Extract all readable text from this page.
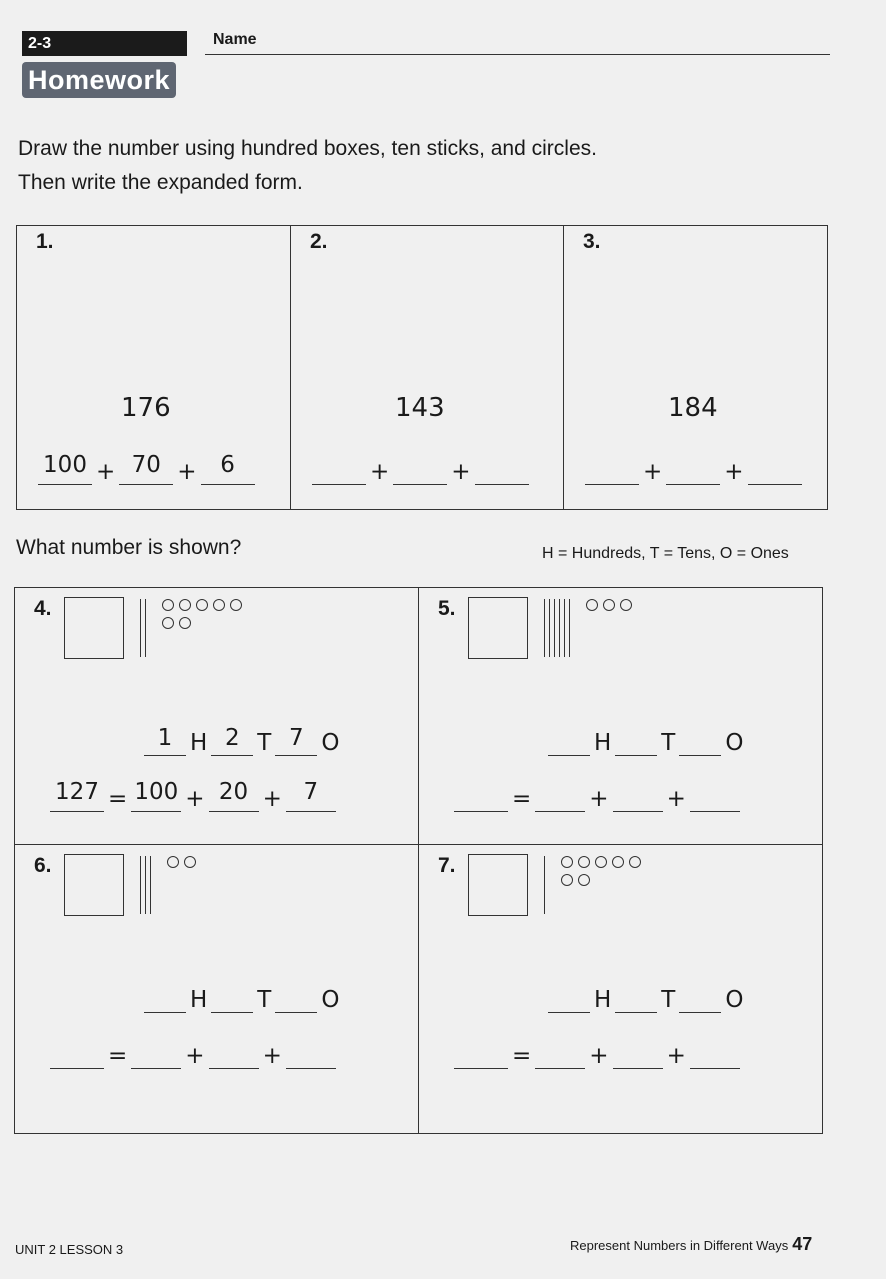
2-3	Name
Homework
Draw the number using hundred boxes, ten sticks, and circles. Then write the expanded form.
1.
176
100 + 70 +	6
2.
143
+	+
3.
184
+	+
What number is shown?	H = Hundreds, T = Tens, O = Ones
4.
1 H 2 T 7 O
127 = 100 + 20 + 7
5.
H T O
=	+	+
6.
H T O
=	+	+
7.
H T O
=	+	+
UNIT 2 LESSON 3	Represent Numbers in Different Ways 47
